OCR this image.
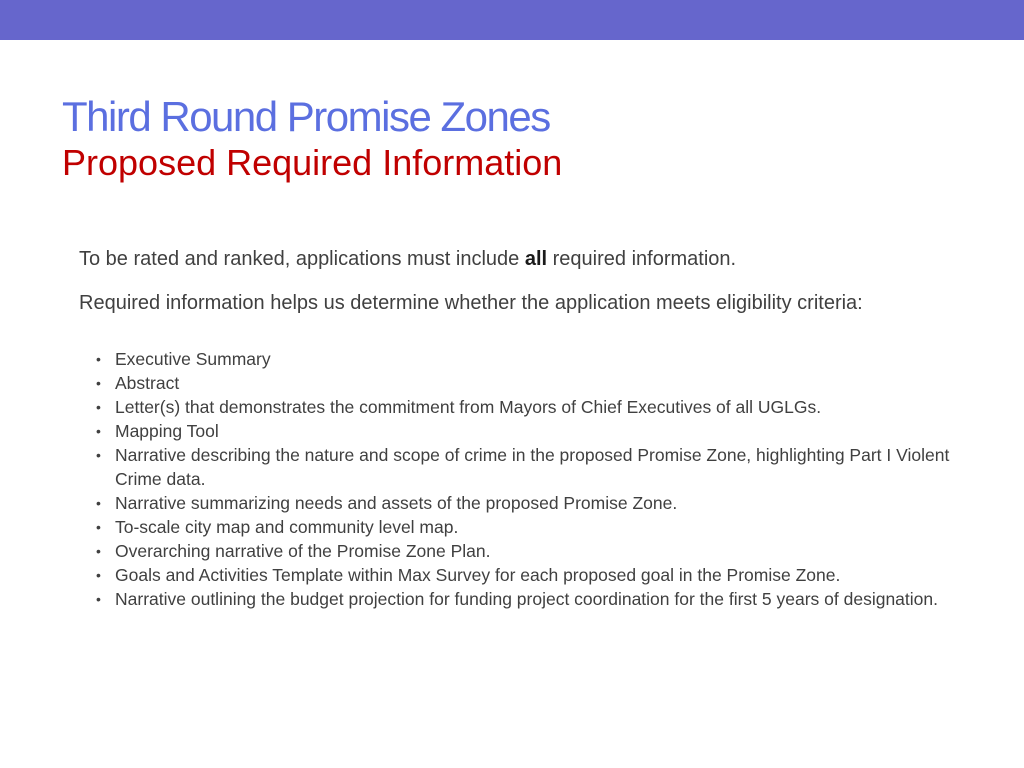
Third Round Promise Zones
Proposed Required Information

To be rated and ranked, applications must include all required information.

Required information helps us determine whether the application meets eligibility criteria:

• Executive Summary
• Abstract
• Letter(s) that demonstrates the commitment from Mayors of Chief Executives of all UGLGs.
• Mapping Tool
• Narrative describing the nature and scope of crime in the proposed Promise Zone, highlighting Part I Violent Crime data.
• Narrative summarizing needs and assets of the proposed Promise Zone.
• To-scale city map and community level map.
• Overarching narrative of the Promise Zone Plan.
• Goals and Activities Template within Max Survey for each proposed goal in the Promise Zone.
• Narrative outlining the budget projection for funding project coordination for the first 5 years of designation.
